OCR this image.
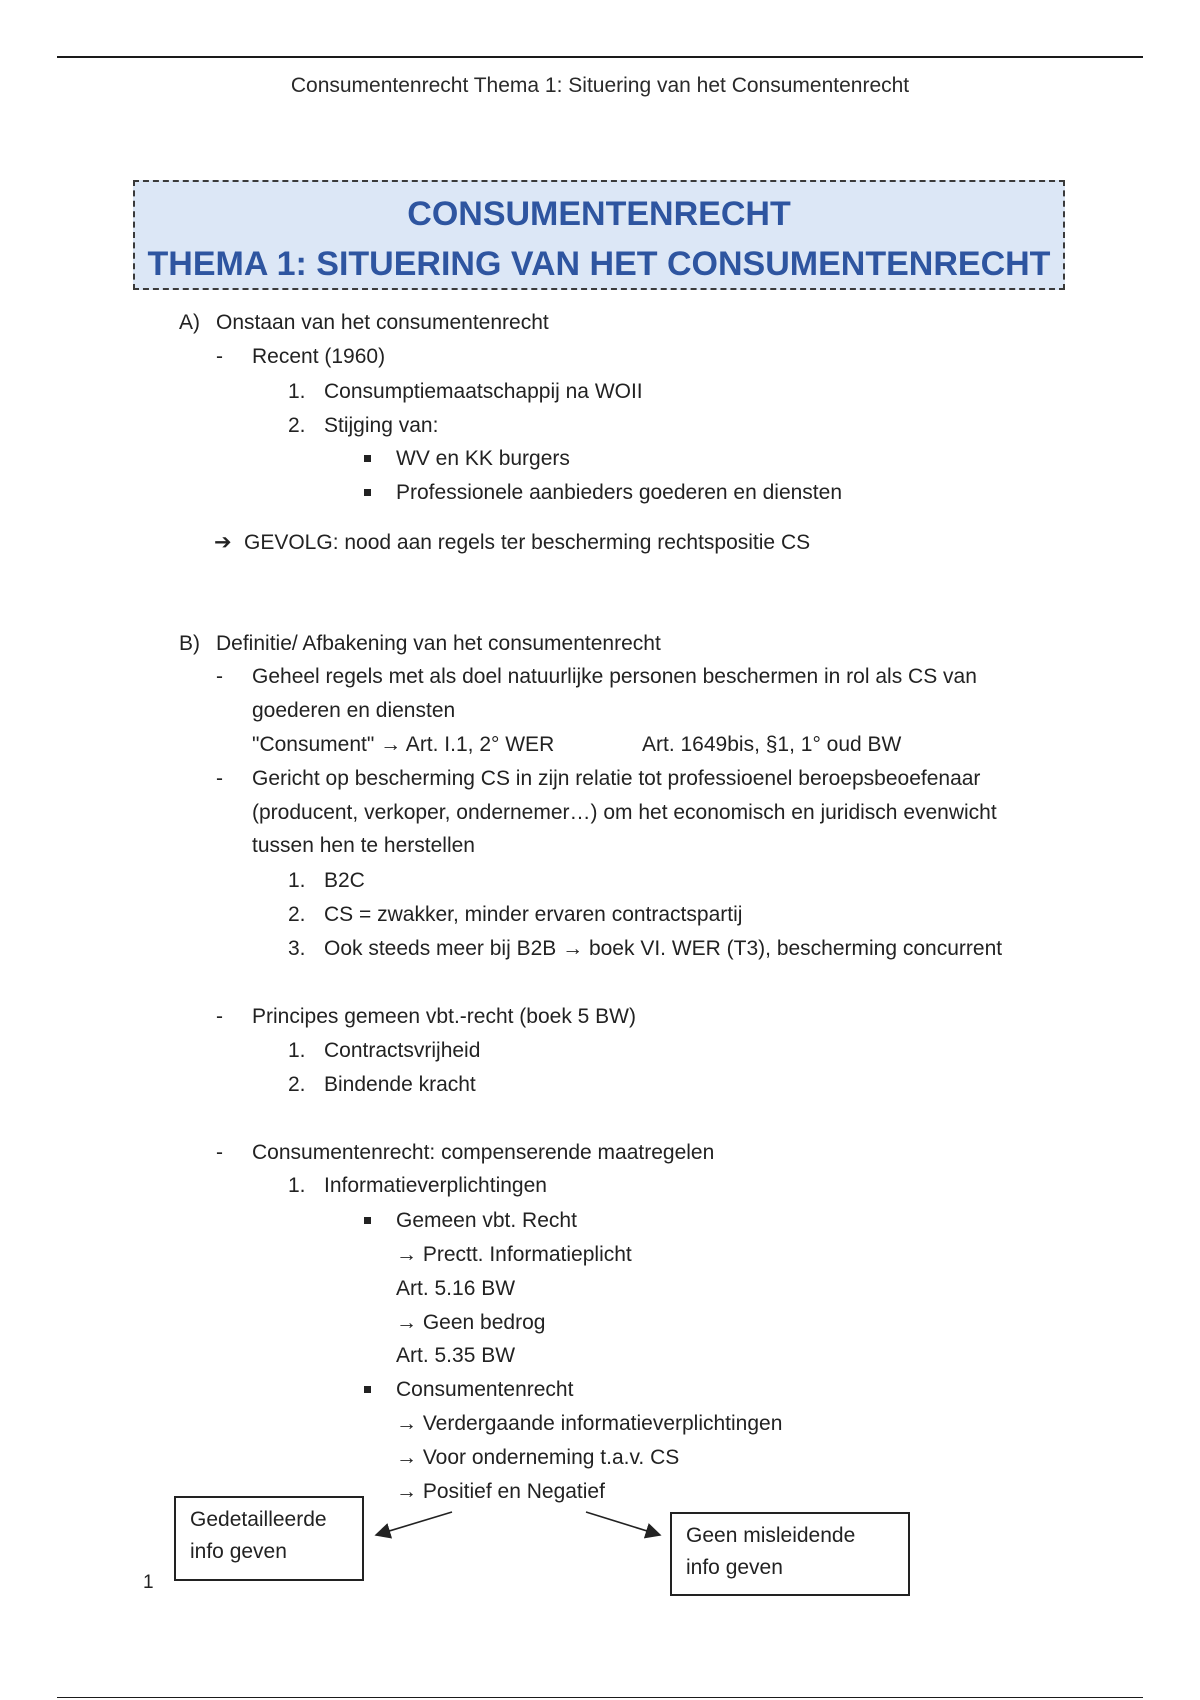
Consumentenrecht Thema 1: Situering van het Consumentenrecht
CONSUMENTENRECHT
THEMA 1: SITUERING VAN HET CONSUMENTENRECHT
A) Onstaan van het consumentenrecht
- Recent (1960)
1. Consumptiemaatschappij na WOII
2. Stijging van:
WV en KK burgers
Professionele aanbieders goederen en diensten
➔ GEVOLG: nood aan regels ter bescherming rechtspositie CS
B) Definitie/ Afbakening van het consumentenrecht
- Geheel regels met als doel natuurlijke personen beschermen in rol als CS van
goederen en diensten
"Consument" → Art. I.1, 2° WER	Art. 1649bis, §1, 1° oud BW
- Gericht op bescherming CS in zijn relatie tot professioenel beroepsbeoefenaar
(producent, verkoper, ondernemer…) om het economisch en juridisch evenwicht
tussen hen te herstellen
1. B2C
2. CS = zwakker, minder ervaren contractspartij
3. Ook steeds meer bij B2B → boek VI. WER (T3), bescherming concurrent
- Principes gemeen vbt.-recht (boek 5 BW)
1. Contractsvrijheid
2. Bindende kracht
- Consumentenrecht: compenserende maatregelen
1. Informatieverplichtingen
Gemeen vbt. Recht
→ Prectt. Informatieplicht
Art. 5.16 BW
→ Geen bedrog
Art. 5.35 BW
Consumentenrecht
→ Verdergaande informatieverplichtingen
→ Voor onderneming t.a.v. CS
→ Positief en Negatief
Gedetailleerde
info geven
Geen misleidende
info geven
1
